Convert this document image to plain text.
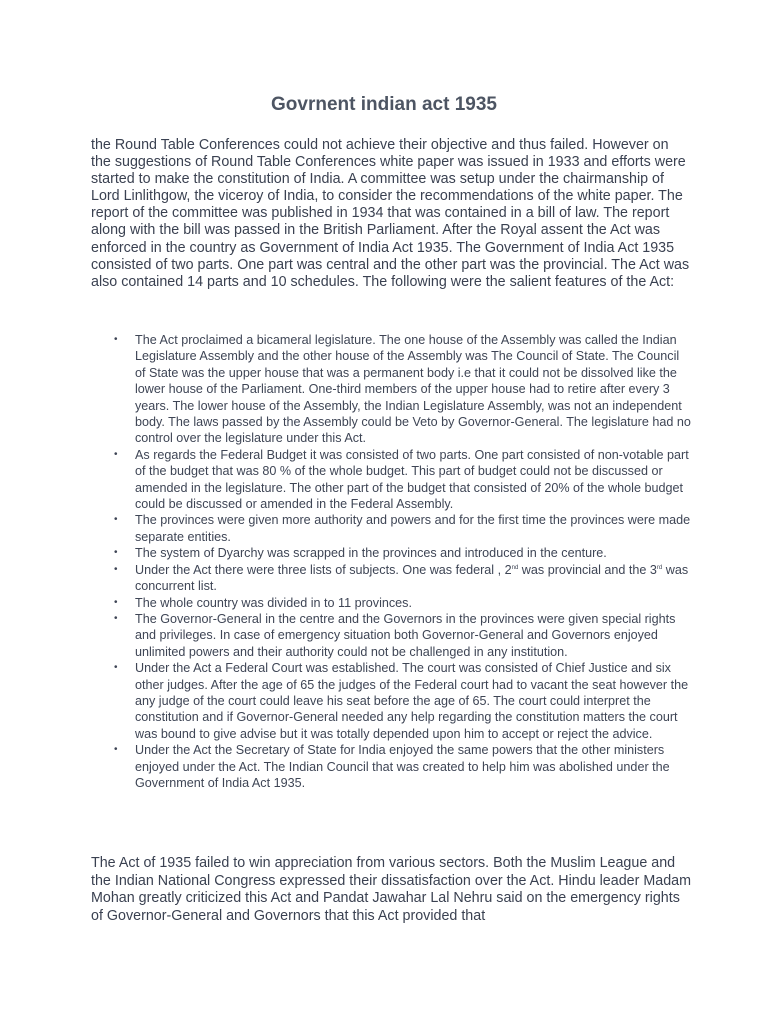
Govrnent indian act 1935

the Round Table Conferences could not achieve their objective and thus failed. However on the suggestions of Round Table Conferences white paper was issued in 1933 and efforts were started to make the constitution of India. A committee was setup under the chairmanship of Lord Linlithgow, the viceroy of India, to consider the recommendations of the white paper. The report of the committee was published in 1934 that was contained in a bill of law. The report along with the bill was passed in the British Parliament. After the Royal assent the Act was enforced in the country as Government of India Act 1935. The Government of India Act 1935 consisted of two parts. One part was central and the other part was the provincial. The Act was also contained 14 parts and 10 schedules. The following were the salient features of the Act:

• The Act proclaimed a bicameral legislature. The one house of the Assembly was called the Indian Legislature Assembly and the other house of the Assembly was The Council of State. The Council of State was the upper house that was a permanent body i.e that it could not be dissolved like the lower house of the Parliament. One-third members of the upper house had to retire after every 3 years. The lower house of the Assembly, the Indian Legislature Assembly, was not an independent body. The laws passed by the Assembly could be Veto by Governor-General. The legislature had no control over the legislature under this Act.
• As regards the Federal Budget it was consisted of two parts. One part consisted of non-votable part of the budget that was 80 % of the whole budget. This part of budget could not be discussed or amended in the legislature. The other part of the budget that consisted of 20% of the whole budget could be discussed or amended in the Federal Assembly.
• The provinces were given more authority and powers and for the first time the provinces were made separate entities.
• The system of Dyarchy was scrapped in the provinces and introduced in the centure.
• Under the Act there were three lists of subjects. One was federal , 2nd was provincial and the 3rd was concurrent list.
• The whole country was divided in to 11 provinces.
• The Governor-General in the centre and the Governors in the provinces were given special rights and privileges. In case of emergency situation both Governor-General and Governors enjoyed unlimited powers and their authority could not be challenged in any institution.
• Under the Act a Federal Court was established. The court was consisted of Chief Justice and six other judges. After the age of 65 the judges of the Federal court had to vacant the seat however the any judge of the court could leave his seat before the age of 65. The court could interpret the constitution and if Governor-General needed any help regarding the constitution matters the court was bound to give advise but it was totally depended upon him to accept or reject the advice.
• Under the Act the Secretary of State for India enjoyed the same powers that the other ministers enjoyed under the Act. The Indian Council that was created to help him was abolished under the Government of India Act 1935.

The Act of 1935 failed to win appreciation from various sectors. Both the Muslim League and the Indian National Congress expressed their dissatisfaction over the Act. Hindu leader Madam Mohan greatly criticized this Act and Pandat Jawahar Lal Nehru said on the emergency rights of Governor-General and Governors that this Act provided that
